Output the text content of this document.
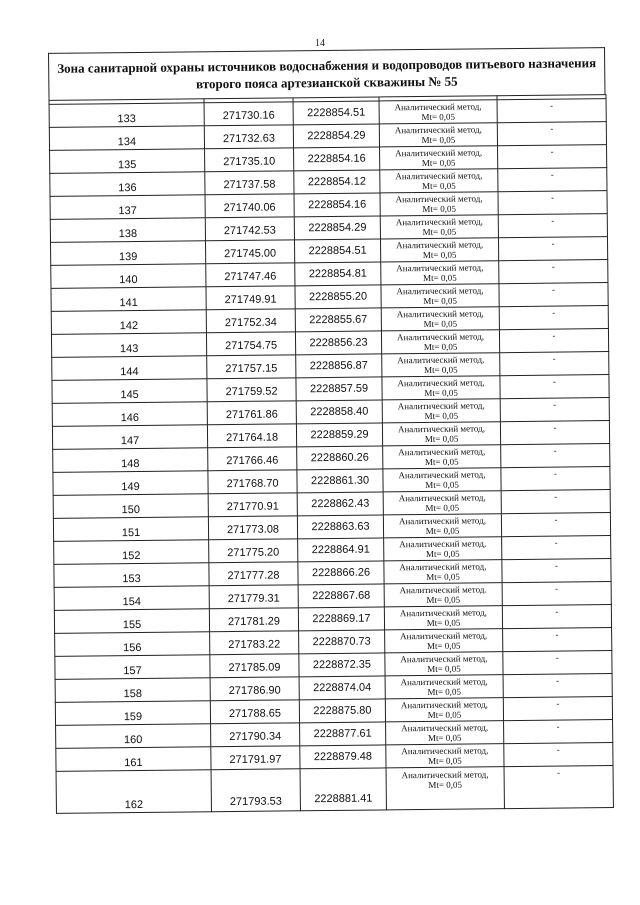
14
Зона санитарной охраны источников водоснабжения и водопроводов питьевого назначения
второго пояса артезианской скважины № 55

133	271730.16	2228854.51	Аналитический метод,
Mt= 0,05	-
134	271732.63	2228854.29	Аналитический метод,
Mt= 0,05	-
135	271735.10	2228854.16	Аналитический метод,
Mt= 0,05	-
136	271737.58	2228854.12	Аналитический метод,
Mt= 0,05	-
137	271740.06	2228854.16	Аналитический метод,
Mt= 0,05	-
138	271742.53	2228854.29	Аналитический метод,
Mt= 0,05	-
139	271745.00	2228854.51	Аналитический метод,
Mt= 0,05	-
140	271747.46	2228854.81	Аналитический метод,
Mt= 0,05	-
141	271749.91	2228855.20	Аналитический метод,
Mt= 0,05	-
142	271752.34	2228855.67	Аналитический метод,
Mt= 0,05	-
143	271754.75	2228856.23	Аналитический метод,
Mt= 0,05	-
144	271757.15	2228856.87	Аналитический метод,
Mt= 0,05	-
145	271759.52	2228857.59	Аналитический метод,
Mt= 0,05	-
146	271761.86	2228858.40	Аналитический метод,
Mt= 0,05	-
147	271764.18	2228859.29	Аналитический метод,
Mt= 0,05	-
148	271766.46	2228860.26	Аналитический метод,
Mt= 0,05	-
149	271768.70	2228861.30	Аналитический метод,
Mt= 0,05	-
150	271770.91	2228862.43	Аналитический метод,
Mt= 0,05	-
151	271773.08	2228863.63	Аналитический метод,
Mt= 0,05	-
152	271775.20	2228864.91	Аналитический метод,
Mt= 0,05	-
153	271777.28	2228866.26	Аналитический метод,
Mt= 0,05	-
154	271779.31	2228867.68	Аналитический метод.
Mt= 0,05	-
155	271781.29	2228869.17	Аналитический метод,
Mt= 0,05	-
156	271783.22	2228870.73	Аналитический метод,
Mt= 0,05	-
157	271785.09	2228872.35	Аналитический метод,
Mt= 0,05	-
158	271786.90	2228874.04	Аналитический метод,
Mt= 0,05	-
159	271788.65	2228875.80	Аналитический метод,
Mt= 0,05	-
160	271790.34	2228877.61	Аналитический метод,
Mt= 0,05	-
161	271791.97	2228879.48	Аналитический метод,
Mt= 0,05	-
162	271793.53	2228881.41	Аналитический метод,
Mt= 0,05	-
